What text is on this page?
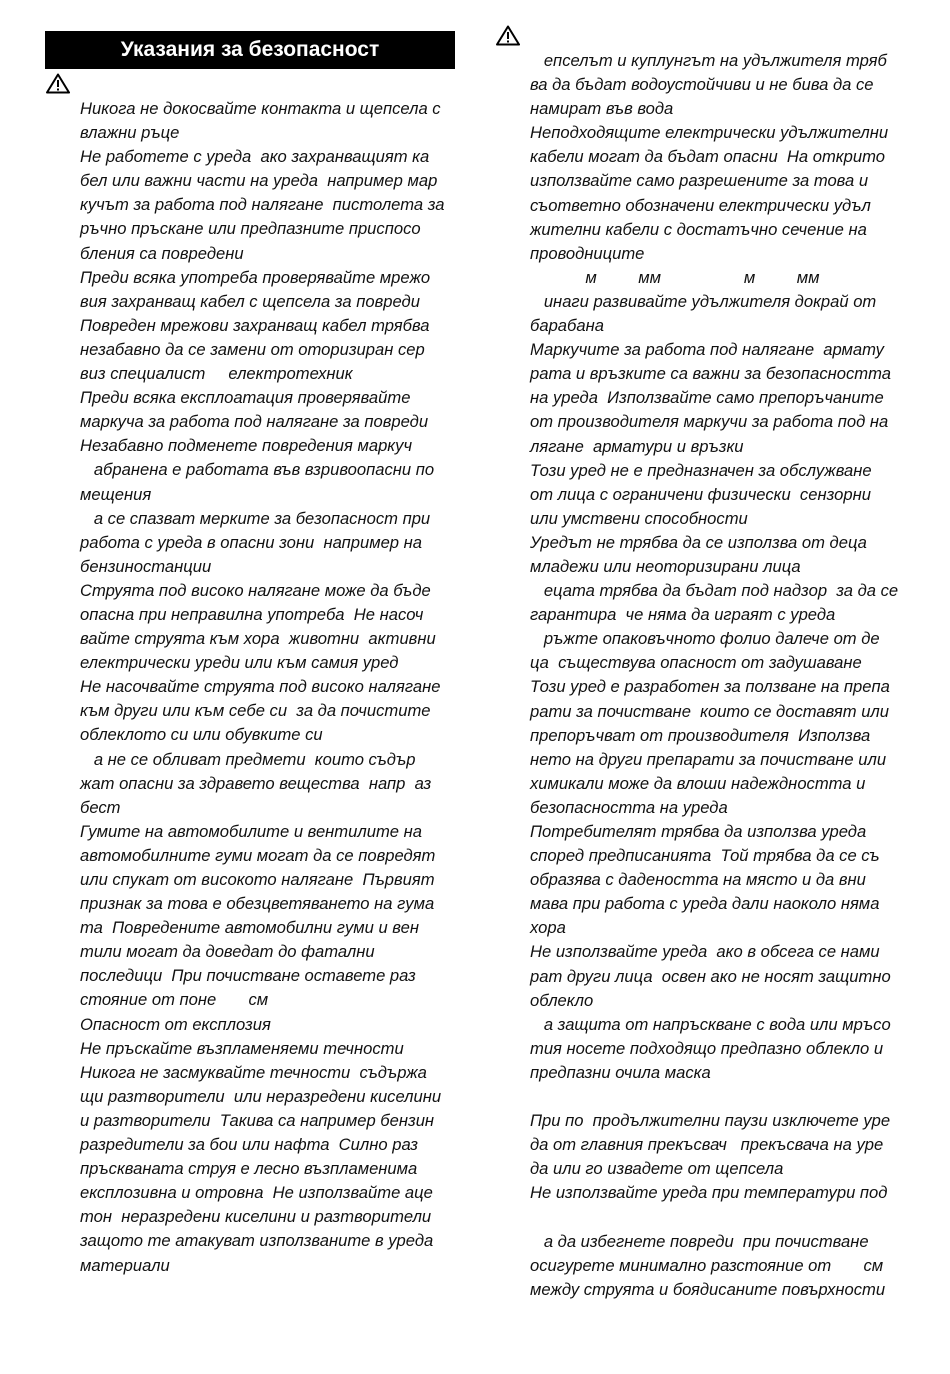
Указания за безопасност
Никога не докосвайте контакта и щепсела с
влажни ръце
Не работете с уреда  ако захранващият ка
бел или важни части на уреда  например мар
кучът за работа под налягане  пистолета за
ръчно пръскане или предпазните приспосо
бления са повредени
Преди всяка употреба проверявайте мрежо
вия захранващ кабел с щепсела за повреди
Повреден мрежови захранващ кабел трябва
незабавно да се замени от оторизиран сер
виз специалист     електротехник
Преди всяка експлоатация проверявайте
маркуча за работа под налягане за повреди
Незабавно подменете повредения маркуч
абранена е работата във взривоопасни по
мещения
а се спазват мерките за безопасност при
работа с уреда в опасни зони  например на
бензиностанции
Струята под високо налягане може да бъде
опасна при неправилна употреба  Не насоч
вайте струята към хора  животни  активни
електрически уреди или към самия уред
Не насочвайте струята под високо налягане
към други или към себе си  за да почистите
облеклото си или обувките си
а не се обливат предмети  които съдър
жат опасни за здравето вещества  напр  аз
бест
Гумите на автомобилите и вентилите на
автомобилните гуми могат да се повредят
или спукат от високото налягане  Първият
признак за това е обезцветяването на гума
та  Повредените автомобилни гуми и вен
тили могат да доведат до фатални
последици  При почистване оставете раз
стояние от поне       см
Опасност от експлозия
Не пръскайте възпламеняеми течности
Никога не засмуквайте течности  съдържа
щи разтворители  или неразредени киселини
и разтворители  Такива са например бензин
разредители за бои или нафта  Силно раз
пръскваната струя е лесно възпламенима
експлозивна и отровна  Не използвайте аце
тон  неразредени киселини и разтворители
защото те атакуват използваните в уреда
материали
епселът и куплунгът на удължителя тряб
ва да бъдат водоустойчиви и не бива да се
намират във вода
Неподходящите електрически удължителни
кабели могат да бъдат опасни  На открито
използвайте само разрешените за това и
съответно обозначени електрически удъл
жителни кабели с достатъчно сечение на
проводниците
м         мм                  м         мм
инаги развивайте удължителя докрай от
барабана
Маркучите за работа под налягане  армату
рата и връзките са важни за безопасността
на уреда  Използвайте само препоръчаните
от производителя маркучи за работа под на
лягане  арматури и връзки
Този уред не е предназначен за обслужване
от лица с ограничени физически  сензорни
или умствени способности
Уредът не трябва да се използва от деца
младежи или неоторизирани лица
ецата трябва да бъдат под надзор  за да се
гарантира  че няма да играят с уреда
ръжте опаковъчното фолио далече от де
ца  съществува опасност от задушаване
Този уред е разработен за ползване на препа
рати за почистване  които се доставят или
препоръчват от производителя  Използва
нето на други препарати за почистване или
химикали може да влоши надеждността и
безопасността на уреда
Потребителят трябва да използва уреда
според предписанията  Той трябва да се съ
образява с дадеността на място и да вни
мава при работа с уреда дали наоколо няма
хора
Не използвайте уреда  ако в обсега се нами
рат други лица  освен ако не носят защитно
облекло
а защита от напръскване с вода или мръсо
тия носете подходящо предпазно облекло и
предпазни очила маска
При по  продължителни паузи изключете уре
да от главния прекъсвач   прекъсвача на уре
да или го извадете от щепсела
Не използвайте уреда при температури под
а да избегнете повреди  при почистване
осигурете минимално разстояние от       см
между струята и боядисаните повърхности
